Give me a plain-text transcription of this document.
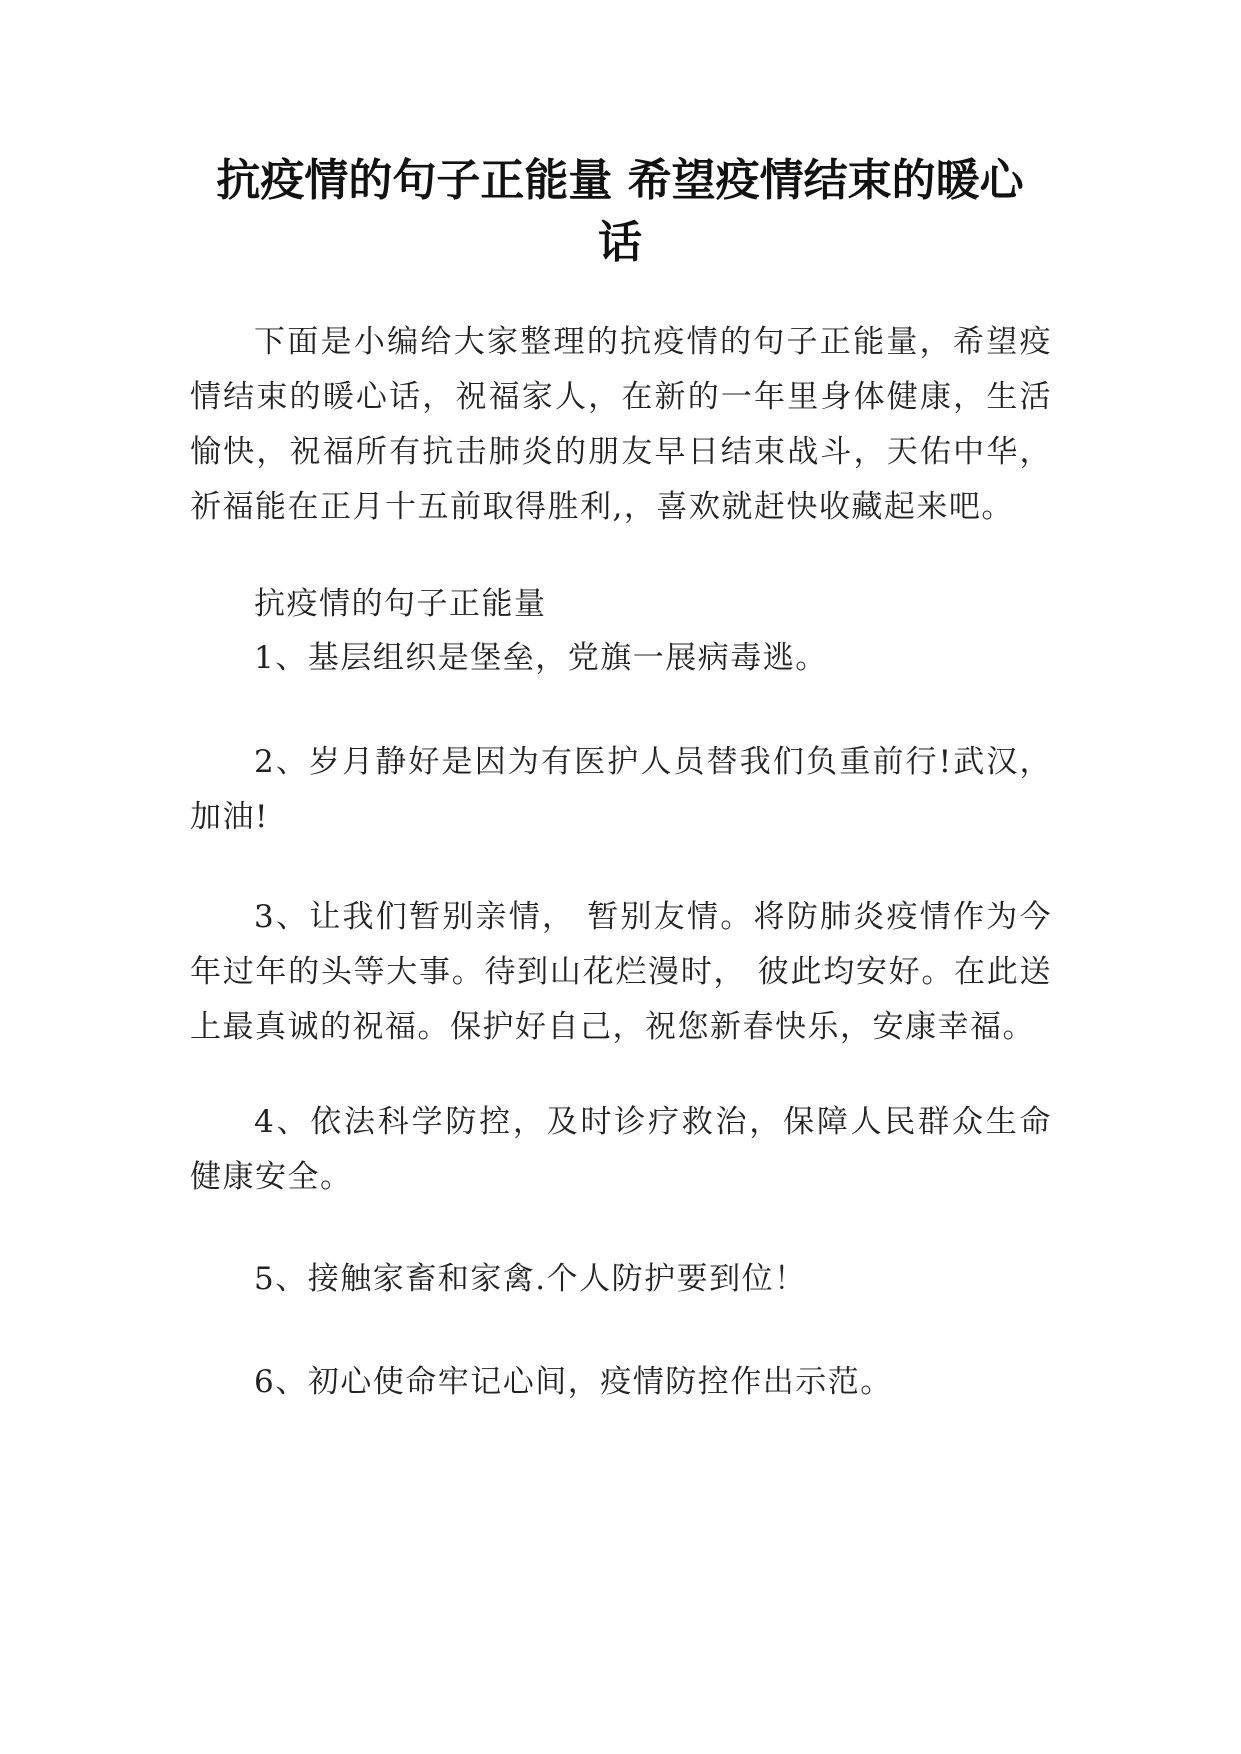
抗疫情的句子正能量 希望疫情结束的暖心
话

下面是小编给大家整理的抗疫情的句子正能量，希望疫情结束的暖心话，祝福家人，在新的一年里身体健康，生活愉快，祝福所有抗击肺炎的朋友早日结束战斗，天佑中华，祈福能在正月十五前取得胜利,，喜欢就赶快收藏起来吧。

抗疫情的句子正能量

1、基层组织是堡垒，党旗一展病毒逃。

2、岁月静好是因为有医护人员替我们负重前行!武汉，加油!

3、让我们暂别亲情， 暂别友情。将防肺炎疫情作为今年过年的头等大事。待到山花烂漫时， 彼此均安好。在此送上最真诚的祝福。保护好自己，祝您新春快乐，安康幸福。

4、依法科学防控，及时诊疗救治，保障人民群众生命健康安全。

5、接触家畜和家禽.个人防护要到位！

6、初心使命牢记心间，疫情防控作出示范。
